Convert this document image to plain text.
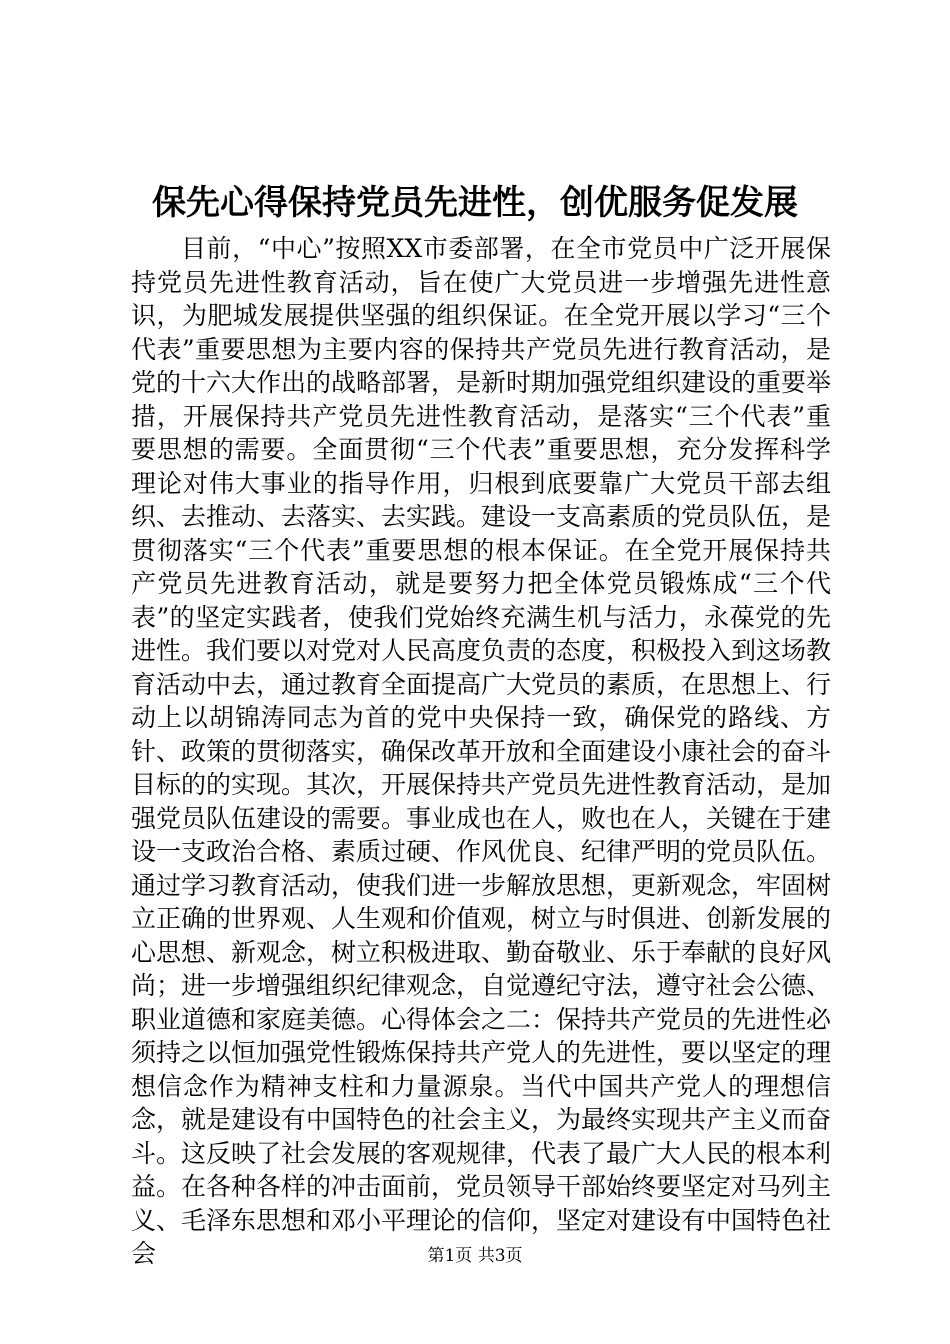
保先心得保持党员先进性，创优服务促发展

目前，“中心”按照XX市委部署，在全市党员中广泛开展保持党员先进性教育活动，旨在使广大党员进一步增强先进性意识，为肥城发展提供坚强的组织保证。在全党开展以学习“三个代表”重要思想为主要内容的保持共产党员先进行教育活动，是党的十六大作出的战略部署，是新时期加强党组织建设的重要举措，开展保持共产党员先进性教育活动，是落实“三个代表”重要思想的需要。全面贯彻“三个代表”重要思想，充分发挥科学理论对伟大事业的指导作用，归根到底要靠广大党员干部去组织、去推动、去落实、去实践。建设一支高素质的党员队伍，是贯彻落实“三个代表”重要思想的根本保证。在全党开展保持共产党员先进教育活动，就是要努力把全体党员锻炼成“三个代表”的坚定实践者，使我们党始终充满生机与活力，永葆党的先进性。我们要以对党对人民高度负责的态度，积极投入到这场教育活动中去，通过教育全面提高广大党员的素质，在思想上、行动上以胡锦涛同志为首的党中央保持一致，确保党的路线、方针、政策的贯彻落实，确保改革开放和全面建设小康社会的奋斗目标的的实现。其次，开展保持共产党员先进性教育活动，是加强党员队伍建设的需要。事业成也在人，败也在人，关键在于建设一支政治合格、素质过硬、作风优良、纪律严明的党员队伍。通过学习教育活动，使我们进一步解放思想，更新观念，牢固树立正确的世界观、人生观和价值观，树立与时俱进、创新发展的心思想、新观念，树立积极进取、勤奋敬业、乐于奉献的良好风尚；进一步增强组织纪律观念，自觉遵纪守法，遵守社会公德、职业道德和家庭美德。心得体会之二：保持共产党员的先进性必须持之以恒加强党性锻炼保持共产党人的先进性，要以坚定的理想信念作为精神支柱和力量源泉。当代中国共产党人的理想信念，就是建设有中国特色的社会主义，为最终实现共产主义而奋斗。这反映了社会发展的客观规律，代表了最广大人民的根本利益。在各种各样的冲击面前，党员领导干部始终要坚定对马列主义、毛泽东思想和邓小平理论的信仰，坚定对建设有中国特色社会	第1页 共3页
